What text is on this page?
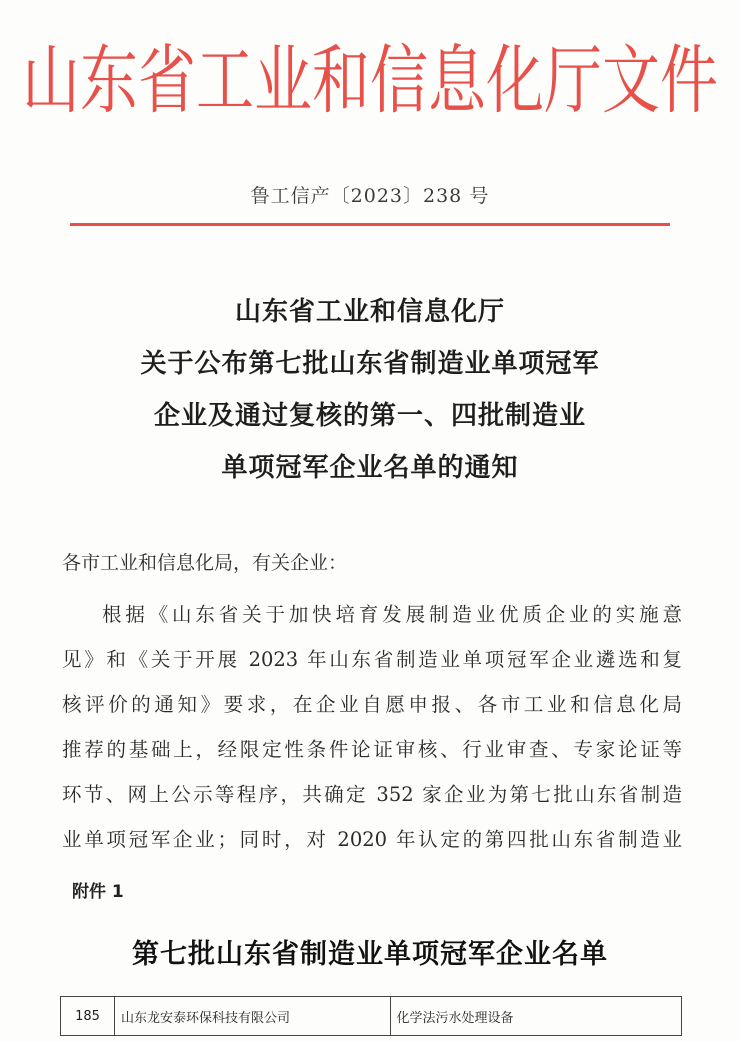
山东省工业和信息化厅文件
鲁工信产〔2023〕238 号
山东省工业和信息化厅
关于公布第七批山东省制造业单项冠军
企业及通过复核的第一、四批制造业
单项冠军企业名单的通知
各市工业和信息化局，有关企业：
根据《山东省关于加快培育发展制造业优质企业的实施意
见》和《关于开展 2023 年山东省制造业单项冠军企业遴选和复
核评价的通知》要求，在企业自愿申报、各市工业和信息化局
推荐的基础上，经限定性条件论证审核、行业审查、专家论证等
环节、网上公示等程序，共确定 352 家企业为第七批山东省制造
业单项冠军企业；同时，对 2020 年认定的第四批山东省制造业
附件 1
第七批山东省制造业单项冠军企业名单
185	山东龙安泰环保科技有限公司	化学法污水处理设备
